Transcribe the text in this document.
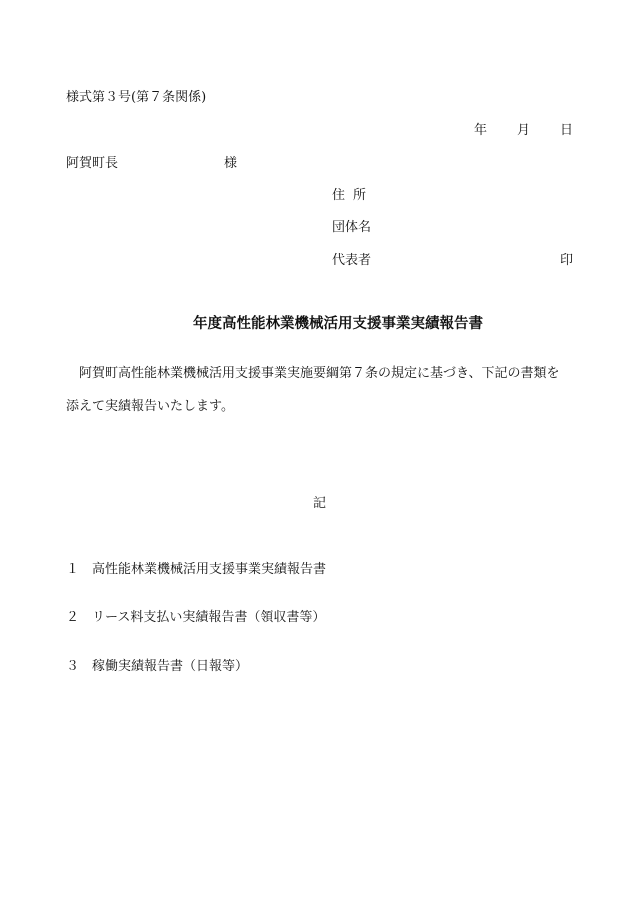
様式第３号(第７条関係)
年 月 日
阿賀町長	様
住所
団体名
代表者	印
年度高性能林業機械活用支援事業実績報告書
　阿賀町高性能林業機械活用支援事業実施要綱第７条の規定に基づき、下記の書類を
添えて実績報告いたします。
記
１ 高性能林業機械活用支援事業実績報告書
２ リース料支払い実績報告書（領収書等）
３ 稼働実績報告書（日報等）
